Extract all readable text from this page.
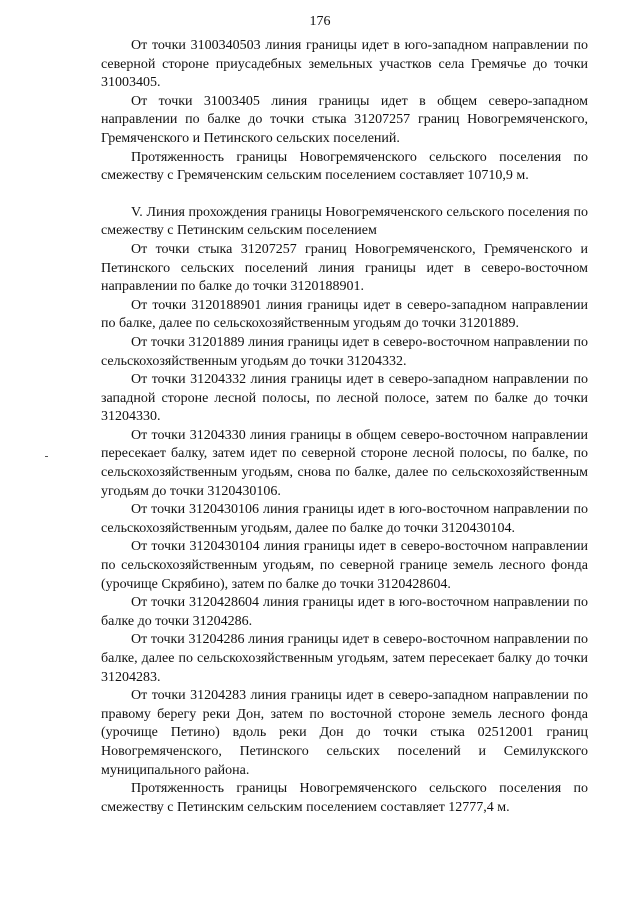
176

От точки 3100340503 линия границы идет в юго-западном направлении по северной стороне приусадебных земельных участков села Гремячье до точки 31003405.

От точки 31003405 линия границы идет в общем северо-западном направлении по балке до точки стыка 31207257 границ Новогремяченского, Гремяченского и Петинского сельских поселений.

Протяженность границы Новогремяченского сельского поселения по смежеству с Гремяченским сельским поселением составляет 10710,9 м.

V. Линия прохождения границы Новогремяченского сельского поселения по смежеству с Петинским сельским поселением

От точки стыка 31207257 границ Новогремяченского, Гремяченского и Петинского сельских поселений линия границы идет в северо-восточном направлении по балке до точки 3120188901.

От точки 3120188901 линия границы идет в северо-западном направлении по балке, далее по сельскохозяйственным угодьям до точки 31201889.

От точки 31201889 линия границы идет в северо-восточном направлении по сельскохозяйственным угодьям до точки 31204332.

От точки 31204332 линия границы идет в северо-западном направлении по западной стороне лесной полосы, по лесной полосе, затем по балке до точки 31204330.

От точки 31204330 линия границы в общем северо-восточном направлении пересекает балку, затем идет по северной стороне лесной полосы, по балке, по сельскохозяйственным угодьям, снова по балке, далее по сельскохозяйственным угодьям до точки 3120430106.

От точки 3120430106 линия границы идет в юго-восточном направлении по сельскохозяйственным угодьям, далее по балке до точки 3120430104.

От точки 3120430104 линия границы идет в северо-восточном направлении по сельскохозяйственным угодьям, по северной границе земель лесного фонда (урочище Скрябино), затем по балке до точки 3120428604.

От точки 3120428604 линия границы идет в юго-восточном направлении по балке до точки 31204286.

От точки 31204286 линия границы идет в северо-восточном направлении по балке, далее по сельскохозяйственным угодьям, затем пересекает балку до точки 31204283.

От точки 31204283 линия границы идет в северо-западном направлении по правому берегу реки Дон, затем по восточной стороне земель лесного фонда (урочище Петино) вдоль реки Дон до точки стыка 02512001 границ Новогремяченского, Петинского сельских поселений и Семилукского муниципального района.

Протяженность границы Новогремяченского сельского поселения по смежеству с Петинским сельским поселением составляет 12777,4 м.
